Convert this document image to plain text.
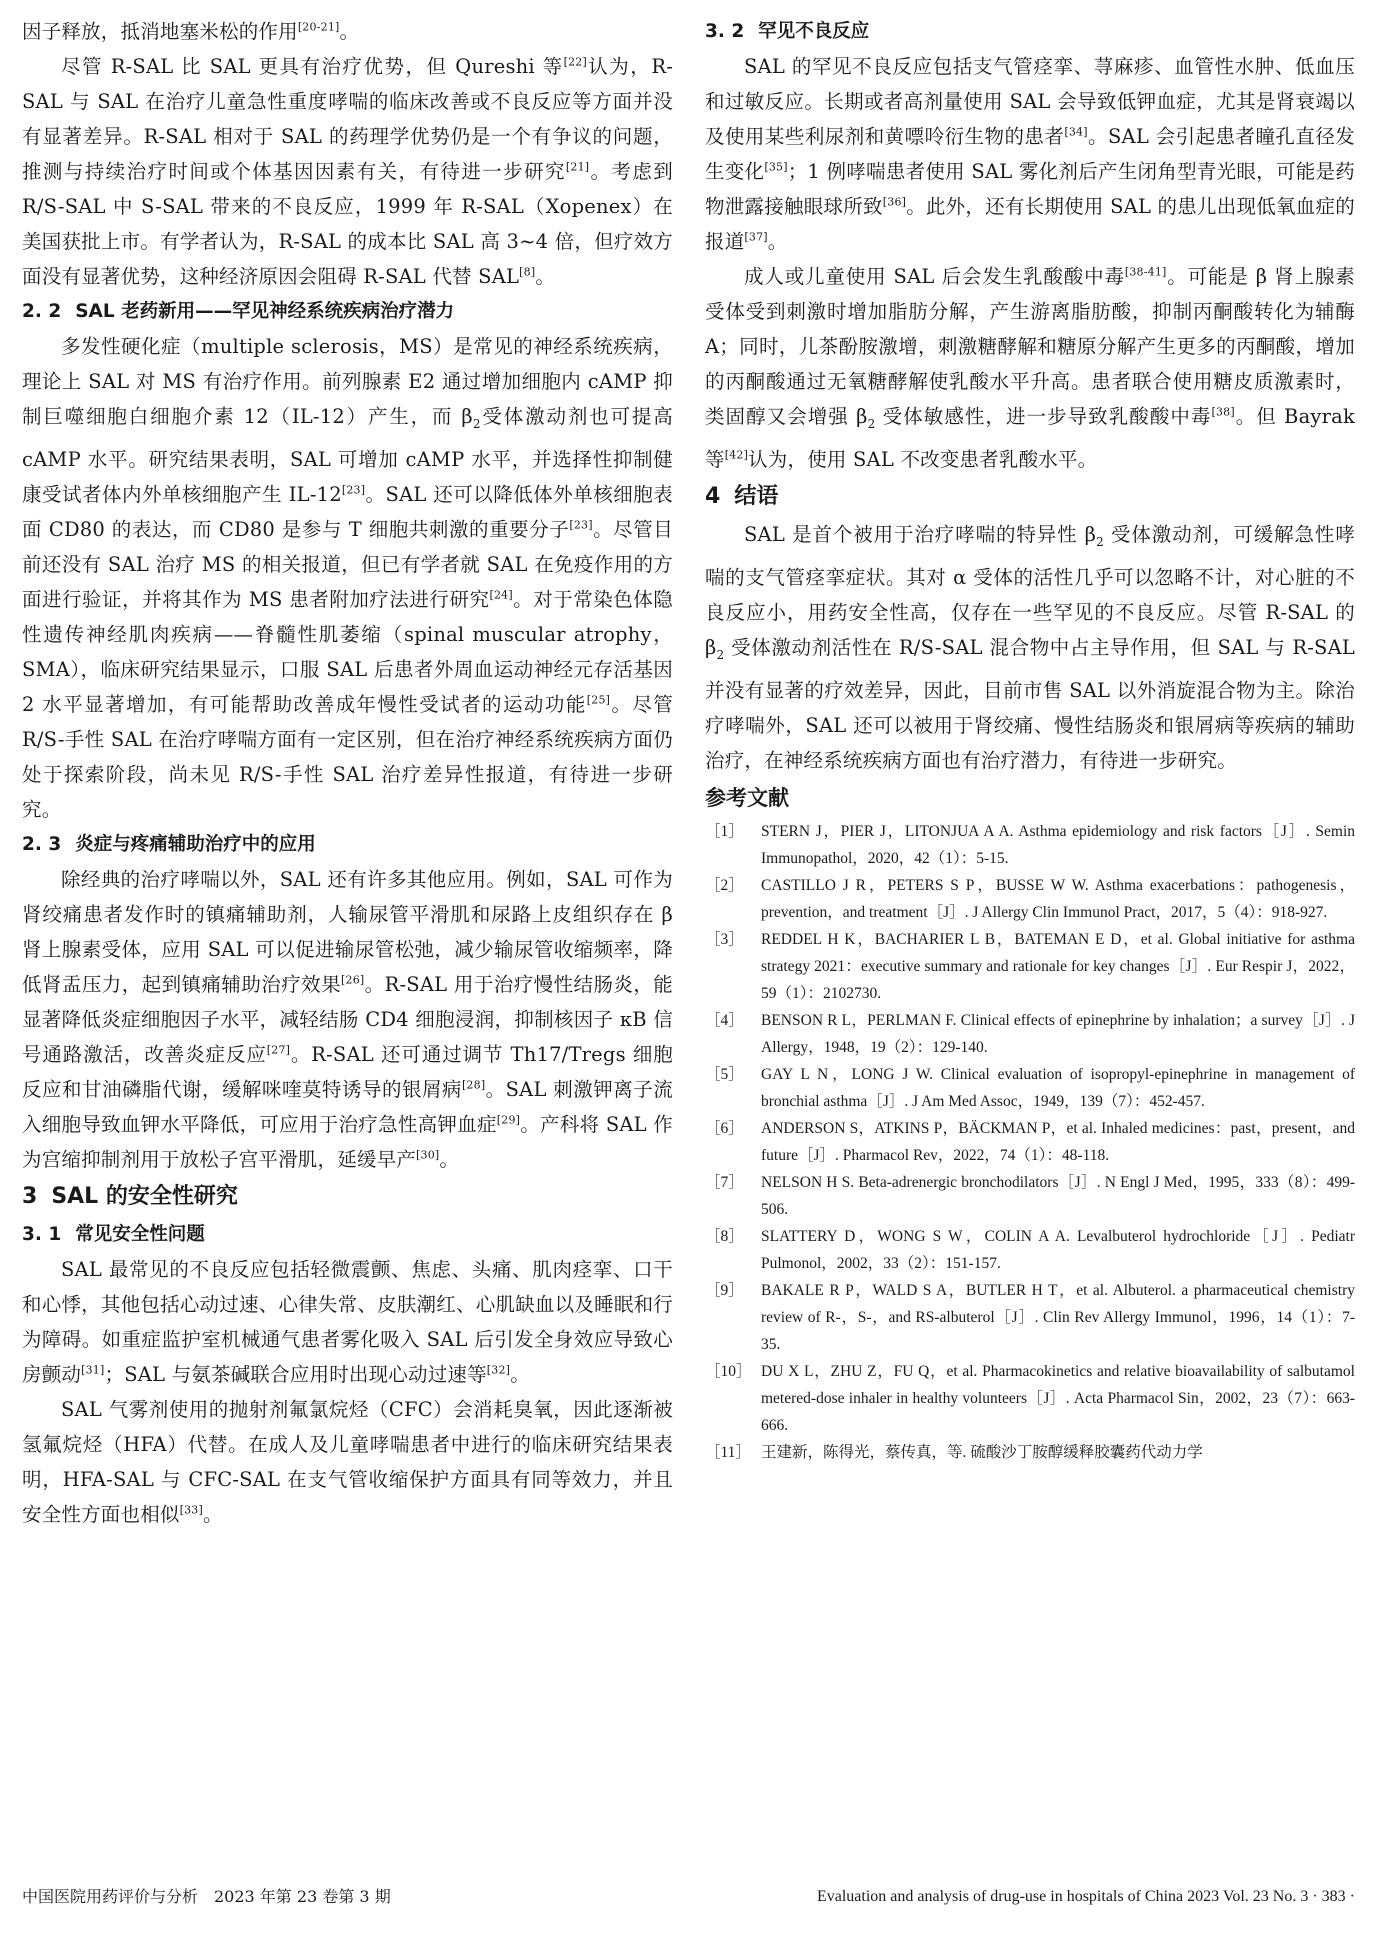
因子释放，抵消地塞米松的作用[20-21]。

尽管 R-SAL 比 SAL 更具有治疗优势，但 Qureshi 等[22]认为，R-SAL 与 SAL 在治疗儿童急性重度哮喘的临床改善或不良反应等方面并没有显著差异。R-SAL 相对于 SAL 的药理学优势仍是一个有争议的问题，推测与持续治疗时间或个体基因因素有关，有待进一步研究[21]。考虑到 R/S-SAL 中 S-SAL 带来的不良反应，1999 年 R-SAL（Xopenex）在美国获批上市。有学者认为，R-SAL 的成本比 SAL 高 3~4 倍，但疗效方面没有显著优势，这种经济原因会阻碍 R-SAL 代替 SAL[8]。

2. 2 SAL 老药新用——罕见神经系统疾病治疗潜力

多发性硬化症（multiple sclerosis，MS）是常见的神经系统疾病，理论上 SAL 对 MS 有治疗作用。前列腺素 E2 通过增加细胞内 cAMP 抑制巨噬细胞白细胞介素 12（IL-12）产生，而 $\beta_2$受体激动剂也可提高 cAMP 水平。研究结果表明，SAL 可增加 cAMP 水平，并选择性抑制健康受试者体内外单核细胞产生 IL-12[23]。SAL 还可以降低体外单核细胞表面 CD80 的表达，而 CD80 是参与 T 细胞共刺激的重要分子[23]。尽管目前还没有 SAL 治疗 MS 的相关报道，但已有学者就 SAL 在免疫作用的方面进行验证，并将其作为 MS 患者附加疗法进行研究[24]。对于常染色体隐性遗传神经肌肉疾病——脊髓性肌萎缩（spinal muscular atrophy，SMA），临床研究结果显示，口服 SAL 后患者外周血运动神经元存活基因 2 水平显著增加，有可能帮助改善成年慢性受试者的运动功能[25]。尽管 R/S-手性 SAL 在治疗哮喘方面有一定区别，但在治疗神经系统疾病方面仍处于探索阶段，尚未见 R/S-手性 SAL 治疗差异性报道，有待进一步研究。

2. 3 炎症与疼痛辅助治疗中的应用

除经典的治疗哮喘以外，SAL 还有许多其他应用。例如，SAL 可作为肾绞痛患者发作时的镇痛辅助剂，人输尿管平滑肌和尿路上皮组织存在 β 肾上腺素受体，应用 SAL 可以促进输尿管松弛，减少输尿管收缩频率，降低肾盂压力，起到镇痛辅助治疗效果[26]。R-SAL 用于治疗慢性结肠炎，能显著降低炎症细胞因子水平，减轻结肠 CD4 细胞浸润，抑制核因子 κB 信号通路激活，改善炎症反应[27]。R-SAL 还可通过调节 Th17/Tregs 细胞反应和甘油磷脂代谢，缓解咪喹莫特诱导的银屑病[28]。SAL 刺激钾离子流入细胞导致血钾水平降低，可应用于治疗急性高钾血症[29]。产科将 SAL 作为宫缩抑制剂用于放松子宫平滑肌，延缓早产[30]。

3 SAL 的安全性研究

3. 1 常见安全性问题

SAL 最常见的不良反应包括轻微震颤、焦虑、头痛、肌肉痉挛、口干和心悸，其他包括心动过速、心律失常、皮肤潮红、心肌缺血以及睡眠和行为障碍。如重症监护室机械通气患者雾化吸入 SAL 后引发全身效应导致心房颤动[31]；SAL 与氨茶碱联合应用时出现心动过速等[32]。

SAL 气雾剂使用的抛射剂氟氯烷烃（CFC）会消耗臭氧，因此逐渐被氢氟烷烃（HFA）代替。在成人及儿童哮喘患者中进行的临床研究结果表明，HFA-SAL 与 CFC-SAL 在支气管收缩保护方面具有同等效力，并且安全性方面也相似[33]。

3. 2 罕见不良反应

SAL 的罕见不良反应包括支气管痉挛、荨麻疹、血管性水肿、低血压和过敏反应。长期或者高剂量使用 SAL 会导致低钾血症，尤其是肾衰竭以及使用某些利尿剂和黄嘌呤衍生物的患者[34]。SAL 会引起患者瞳孔直径发生变化[35]；1 例哮喘患者使用 SAL 雾化剂后产生闭角型青光眼，可能是药物泄露接触眼球所致[36]。此外，还有长期使用 SAL 的患儿出现低氧血症的报道[37]。

成人或儿童使用 SAL 后会发生乳酸酸中毒[38-41]。可能是 β 肾上腺素受体受到刺激时增加脂肪分解，产生游离脂肪酸，抑制丙酮酸转化为辅酶 A；同时，儿茶酚胺激增，刺激糖酵解和糖原分解产生更多的丙酮酸，增加的丙酮酸通过无氧糖酵解使乳酸水平升高。患者联合使用糖皮质激素时，类固醇又会增强 $\beta_2$ 受体敏感性，进一步导致乳酸酸中毒[38]。但 Bayrak 等[42]认为，使用 SAL 不改变患者乳酸水平。

4 结语

SAL 是首个被用于治疗哮喘的特异性 $\beta_2$ 受体激动剂，可缓解急性哮喘的支气管痉挛症状。其对 α 受体的活性几乎可以忽略不计，对心脏的不良反应小，用药安全性高，仅存在一些罕见的不良反应。尽管 R-SAL 的 $\beta_2$ 受体激动剂活性在 R/S-SAL 混合物中占主导作用，但 SAL 与 R-SAL 并没有显著的疗效差异，因此，目前市售 SAL 以外消旋混合物为主。除治疗哮喘外，SAL 还可以被用于肾绞痛、慢性结肠炎和银屑病等疾病的辅助治疗，在神经系统疾病方面也有治疗潜力，有待进一步研究。

参考文献

［1］	STERN J，PIER J，LITONJUA A A. Asthma epidemiology and risk factors［J］. Semin Immunopathol，2020，42（1）：5-15.
［2］	CASTILLO J R，PETERS S P，BUSSE W W. Asthma exacerbations：pathogenesis，prevention，and treatment［J］. J Allergy Clin Immunol Pract，2017，5（4）：918-927.
［3］	REDDEL H K，BACHARIER L B，BATEMAN E D，et al. Global initiative for asthma strategy 2021：executive summary and rationale for key changes［J］. Eur Respir J，2022，59（1）：2102730.
［4］	BENSON R L，PERLMAN F. Clinical effects of epinephrine by inhalation；a survey［J］. J Allergy，1948，19（2）：129-140.
［5］	GAY L N，LONG J W. Clinical evaluation of isopropyl-epinephrine in management of bronchial asthma［J］. J Am Med Assoc，1949，139（7）：452-457.
［6］	ANDERSON S，ATKINS P，BÄCKMAN P，et al. Inhaled medicines：past，present，and future［J］. Pharmacol Rev，2022，74（1）：48-118.
［7］	NELSON H S. Beta-adrenergic bronchodilators［J］. N Engl J Med，1995，333（8）：499-506.
［8］	SLATTERY D，WONG S W，COLIN A A. Levalbuterol hydrochloride［J］. Pediatr Pulmonol，2002，33（2）：151-157.
［9］	BAKALE R P，WALD S A，BUTLER H T，et al. Albuterol. a pharmaceutical chemistry review of R-，S-，and RS-albuterol［J］. Clin Rev Allergy Immunol，1996，14（1）：7-35.
［10］ DU X L，ZHU Z，FU Q，et al. Pharmacokinetics and relative bioavailability of salbutamol metered-dose inhaler in healthy volunteers［J］. Acta Pharmacol Sin，2002，23（7）：663-666.
［11］ 王建新，陈得光，蔡传真，等. 硫酸沙丁胺醇缓释胶囊药代动力学
中国医院用药评价与分析　2023 年第 23 卷第 3 期	Evaluation and analysis of drug-use in hospitals of China 2023 Vol. 23 No. 3 · 383 ·
